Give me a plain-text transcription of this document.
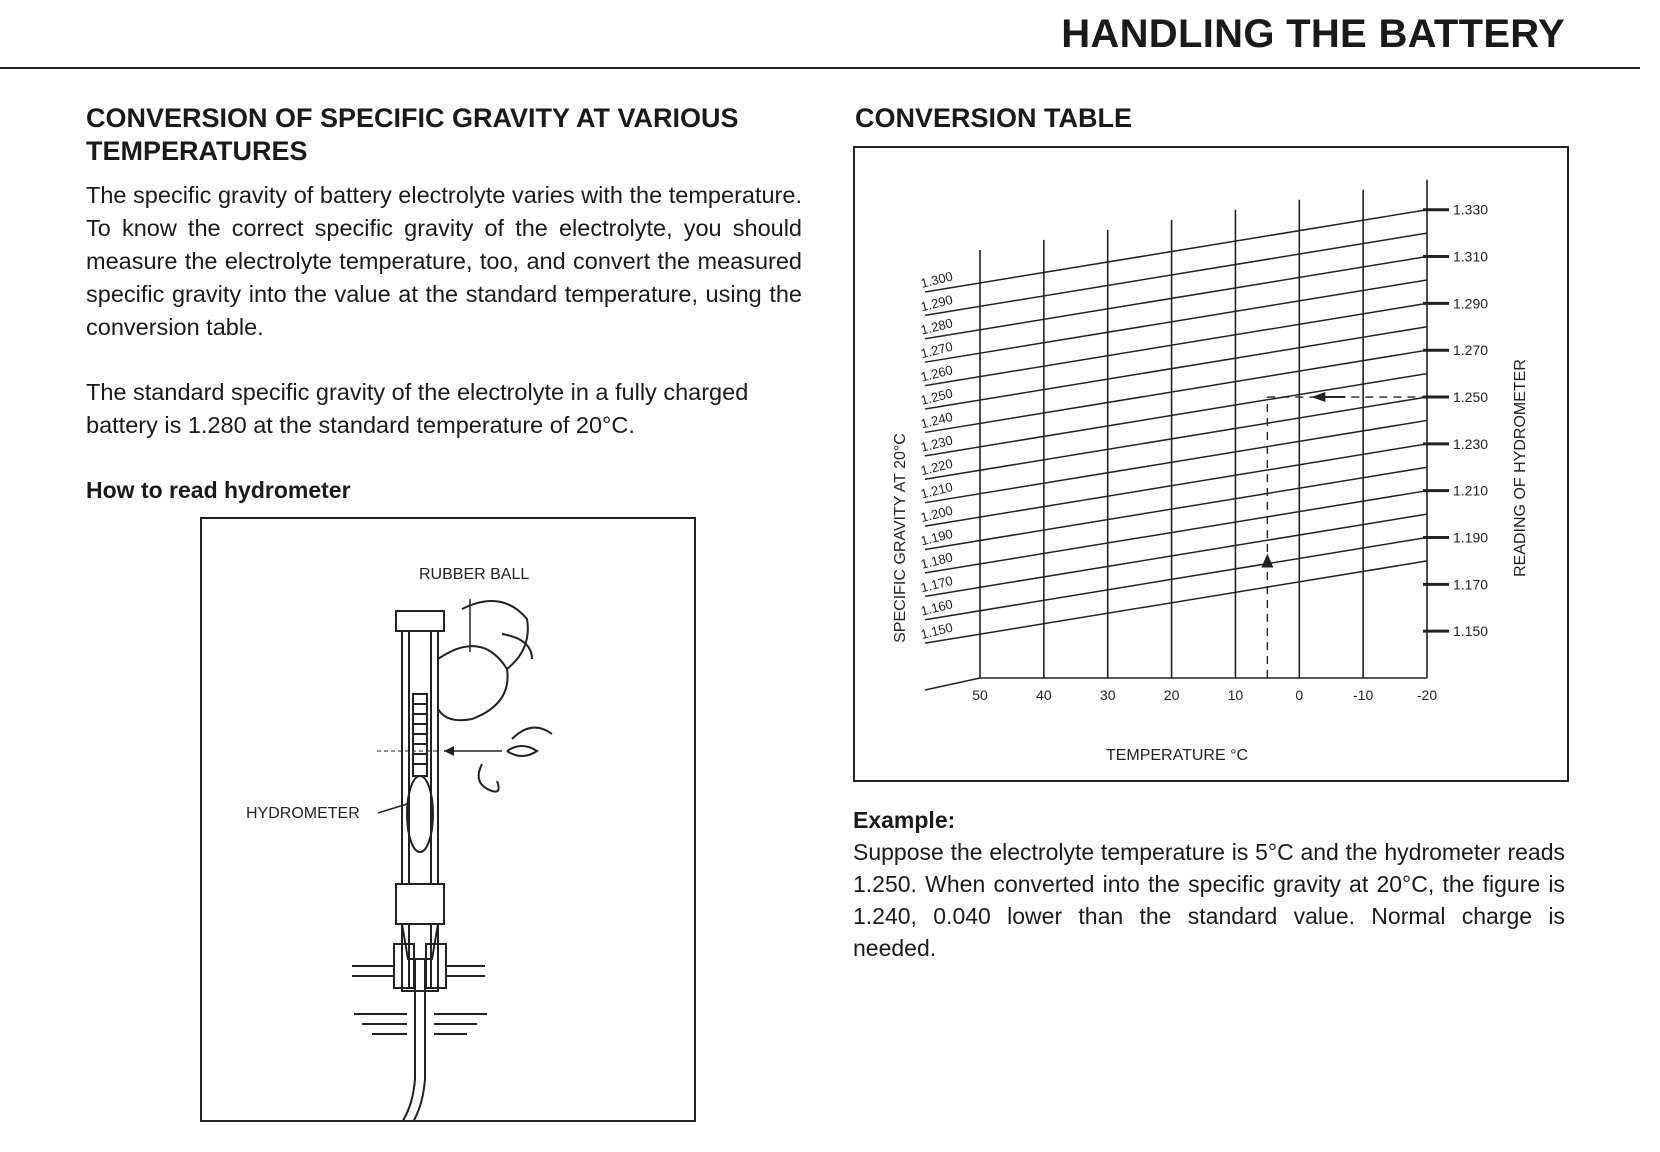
HANDLING THE BATTERY
CONVERSION OF SPECIFIC GRAVITY AT VARIOUS TEMPERATURES
The specific gravity of battery electrolyte varies with the temperature. To know the correct specific gravity of the electrolyte, you should measure the electrolyte temperature, too, and convert the measured specific gravity into the value at the standard temperature, using the conversion table.
The standard specific gravity of the electrolyte in a fully charged battery is 1.280 at the standard temperature of 20°C.
How to read hydrometer
RUBBER BALL
HYDROMETER
CONVERSION TABLE
1.300
1.290
1.280
1.270
1.260
1.250
1.240
1.230
1.220
1.210
1.200
1.190
1.180
1.170
1.160
1.150
50	40	30	20	10	0	-10	-20
1.330
1.310
1.290
1.270
1.250
1.230
1.210
1.190
1.170
1.150
SPECIFIC GRAVITY AT 20°C	READING OF HYDROMETER
TEMPERATURE °C
Example:
Suppose the electrolyte temperature is 5°C and the hydrometer reads 1.250. When converted into the specific gravity at 20°C, the figure is 1.240, 0.040 lower than the standard value. Normal charge is needed.
